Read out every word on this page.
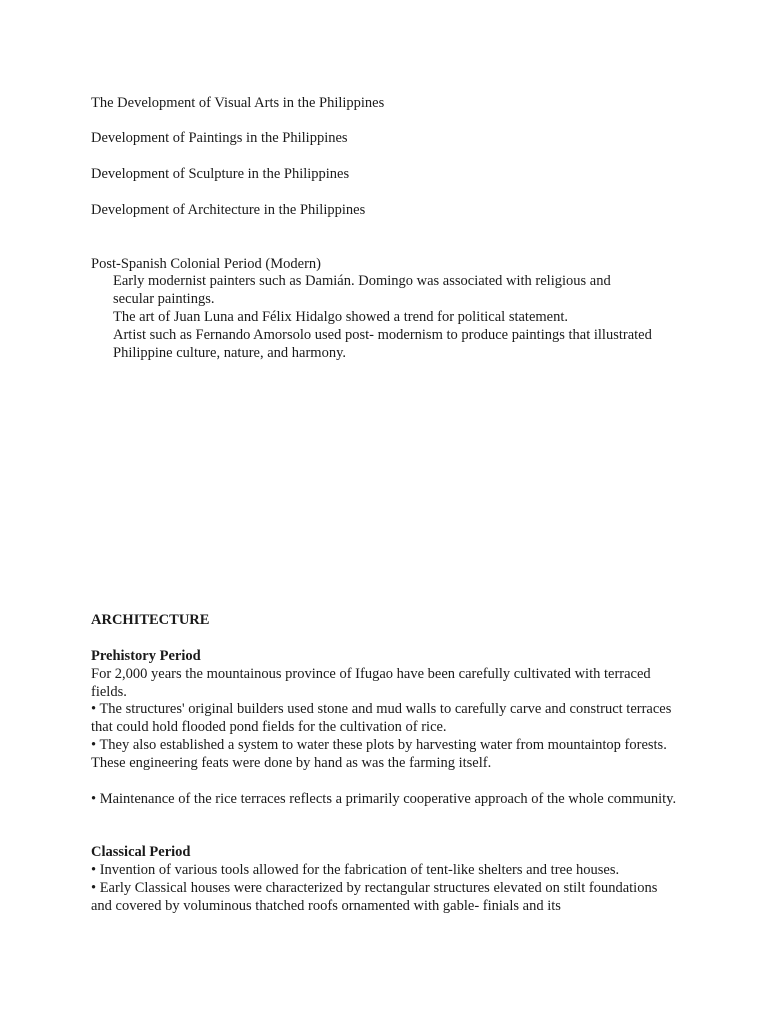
The Development of Visual Arts in the Philippines
Development of Paintings in the Philippines
Development of Sculpture in the Philippines
Development of Architecture in the Philippines
Post-Spanish Colonial Period (Modern)
Early modernist painters such as Damián. Domingo was associated with religious and
secular paintings.
The art of Juan Luna and Félix Hidalgo showed a trend for political statement.
Artist such as Fernando Amorsolo used post- modernism to produce paintings that illustrated
Philippine culture, nature, and harmony.
ARCHITECTURE
Prehistory Period

For 2,000 years the mountainous province of Ifugao have been carefully cultivated with terraced fields.

• The structures' original builders used stone and mud walls to carefully carve and construct terraces that could hold flooded pond fields for the cultivation of rice.

• They also established a system to water these plots by harvesting water from mountaintop forests. These engineering feats were done by hand as was the farming itself.

• Maintenance of the rice terraces reflects a primarily cooperative approach of the whole community.

Classical Period

• Invention of various tools allowed for the fabrication of tent-like shelters and tree houses.

• Early Classical houses were characterized by rectangular structures elevated on stilt foundations and covered by voluminous thatched roofs ornamented with gable- finials and its
